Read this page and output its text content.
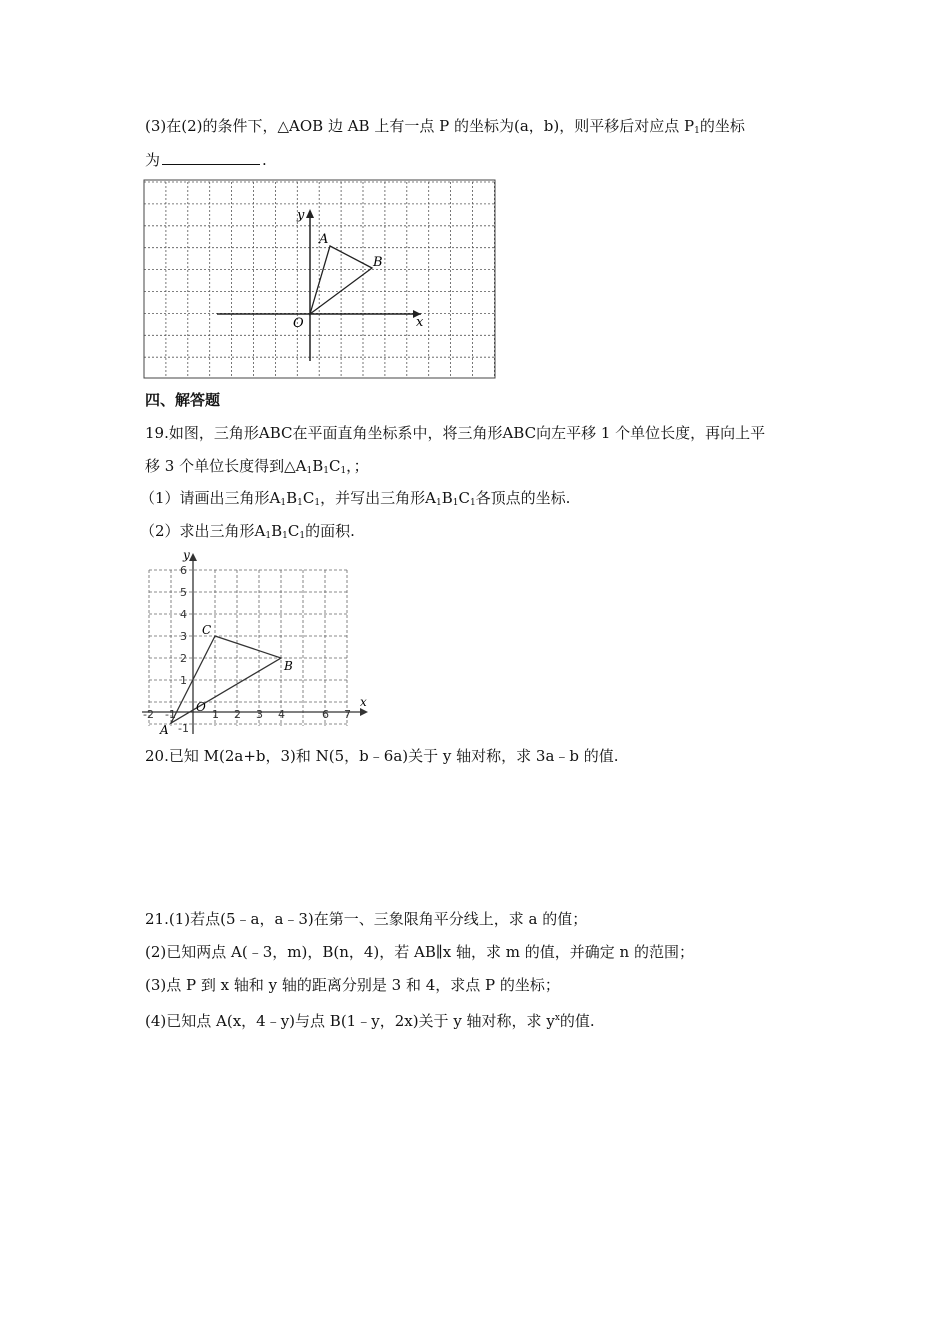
(3)在(2)的条件下，△AOB 边 AB 上有一点 P 的坐标为(a，b)，则平移后对应点 $P_1$的坐标
为	.
y
x
O
A
B
四、解答题
19.如图，三角形ABC在平面直角坐标系中，将三角形ABC向左平移 1 个单位长度，再向上平
移 3 个单位长度得到$\triangle A_1B_1C_1$，；
（1）请画出三角形$A_1B_1C_1$，并写出三角形$A_1B_1C_1$各顶点的坐标.
（2）求出三角形$A_1B_1C_1$的面积.
6
5
4
3
2
1
-1
-2 -1	1 2 3 4	6 7
y
x
O
C
B
A
20.已知 M(2a+b，3)和 N(5，b﹣6a)关于 y 轴对称，求 3a﹣b 的值.
21.(1)若点(5﹣a，a﹣3)在第一、三象限角平分线上，求 a 的值；
(2)已知两点 A(﹣3，m)，B(n，4)，若 AB∥x 轴，求 m 的值，并确定 n 的范围；
(3)点 P 到 x 轴和 y 轴的距离分别是 3 和 4，求点 P 的坐标；
(4)已知点 A(x，4﹣y)与点 B(1﹣y，2x)关于 y 轴对称，求 $y^x$的值.
